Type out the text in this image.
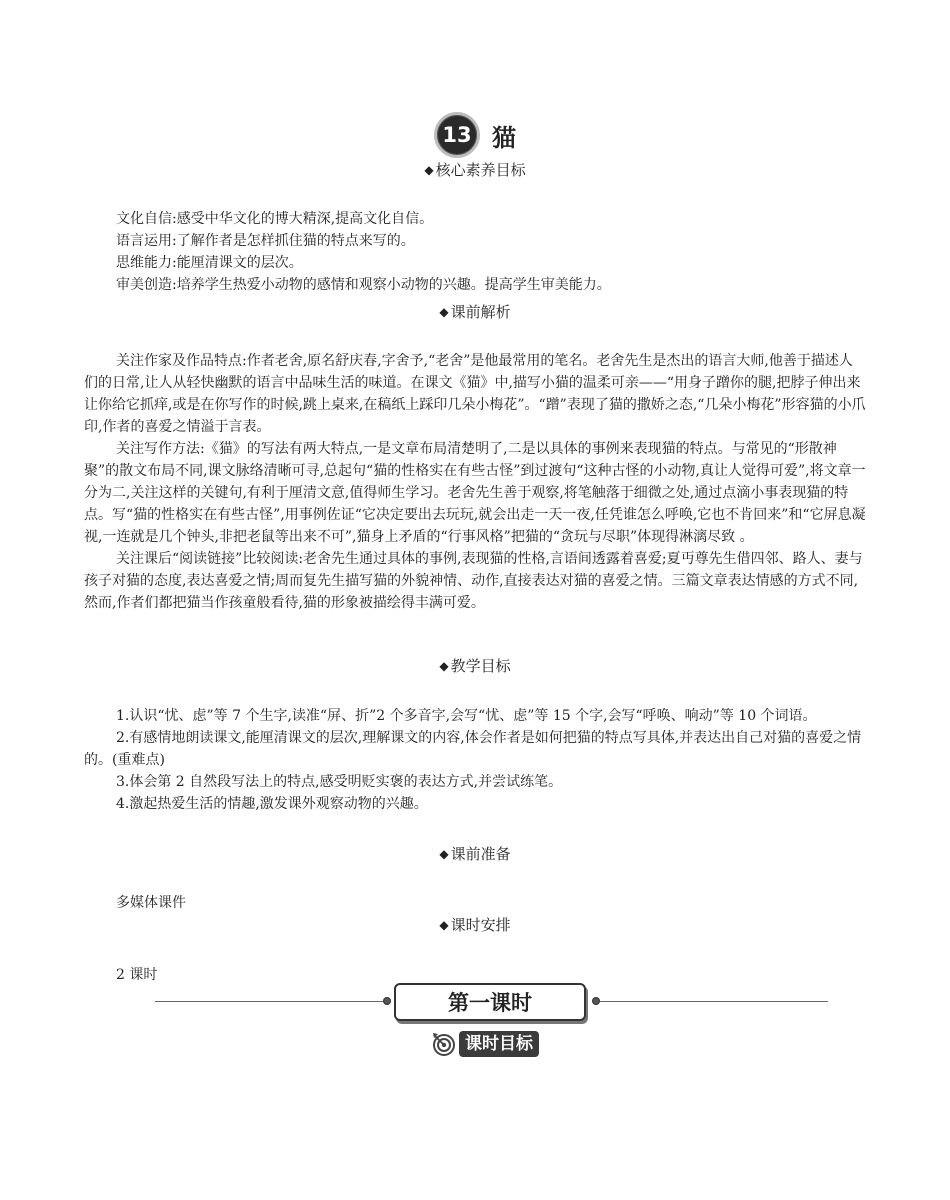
13 猫
◆ 核心素养目标

文化自信:感受中华文化的博大精深,提高文化自信。

语言运用:了解作者是怎样抓住猫的特点来写的。

思维能力:能厘清课文的层次。

审美创造:培养学生热爱小动物的感情和观察小动物的兴趣。提高学生审美能力。

◆ 课前解析

关注作家及作品特点:作者老舍,原名舒庆春,字舍予,“老舍”是他最常用的笔名。老舍先生是杰出的语言大师,他善于描述人们的日常,让人从轻快幽默的语言中品味生活的味道。在课文《猫》中,描写小猫的温柔可亲——“用身子蹭你的腿,把脖子伸出来让你给它抓痒,或是在你写作的时候,跳上桌来,在稿纸上踩印几朵小梅花”。“蹭”表现了猫的撒娇之态,“几朵小梅花”形容猫的小爪印,作者的喜爱之情溢于言表。

关注写作方法:《猫》的写法有两大特点,一是文章布局清楚明了,二是以具体的事例来表现猫的特点。与常见的“形散神聚”的散文布局不同,课文脉络清晰可寻,总起句“猫的性格实在有些古怪”到过渡句“这种古怪的小动物,真让人觉得可爱”,将文章一分为二,关注这样的关键句,有利于厘清文意,值得师生学习。老舍先生善于观察,将笔触落于细微之处,通过点滴小事表现猫的特点。写“猫的性格实在有些古怪”,用事例佐证“它决定要出去玩玩,就会出走一天一夜,任凭谁怎么呼唤,它也不肯回来”和“它屏息凝视,一连就是几个钟头,非把老鼠等出来不可”,猫身上矛盾的“行事风格”把猫的“贪玩与尽职”体现得淋漓尽致 。

关注课后“阅读链接”比较阅读:老舍先生通过具体的事例,表现猫的性格,言语间透露着喜爱;夏丏尊先生借四邻、路人、妻与孩子对猫的态度,表达喜爱之情;周而复先生描写猫的外貌神情、动作,直接表达对猫的喜爱之情。三篇文章表达情感的方式不同,然而,作者们都把猫当作孩童般看待,猫的形象被描绘得丰满可爱。

◆ 教学目标

1.认识“忧、虑”等 7 个生字,读准“屏、折”2 个多音字,会写“忧、虑”等 15 个字,会写“呼唤、响动”等 10 个词语。

2.有感情地朗读课文,能厘清课文的层次,理解课文的内容,体会作者是如何把猫的特点写具体,并表达出自己对猫的喜爱之情的。(重难点)

3.体会第 2 自然段写法上的特点,感受明贬实褒的表达方式,并尝试练笔。

4.激起热爱生活的情趣,激发课外观察动物的兴趣。

◆ 课前准备

多媒体课件

◆ 课时安排

2 课时

第一课时
课时目标
